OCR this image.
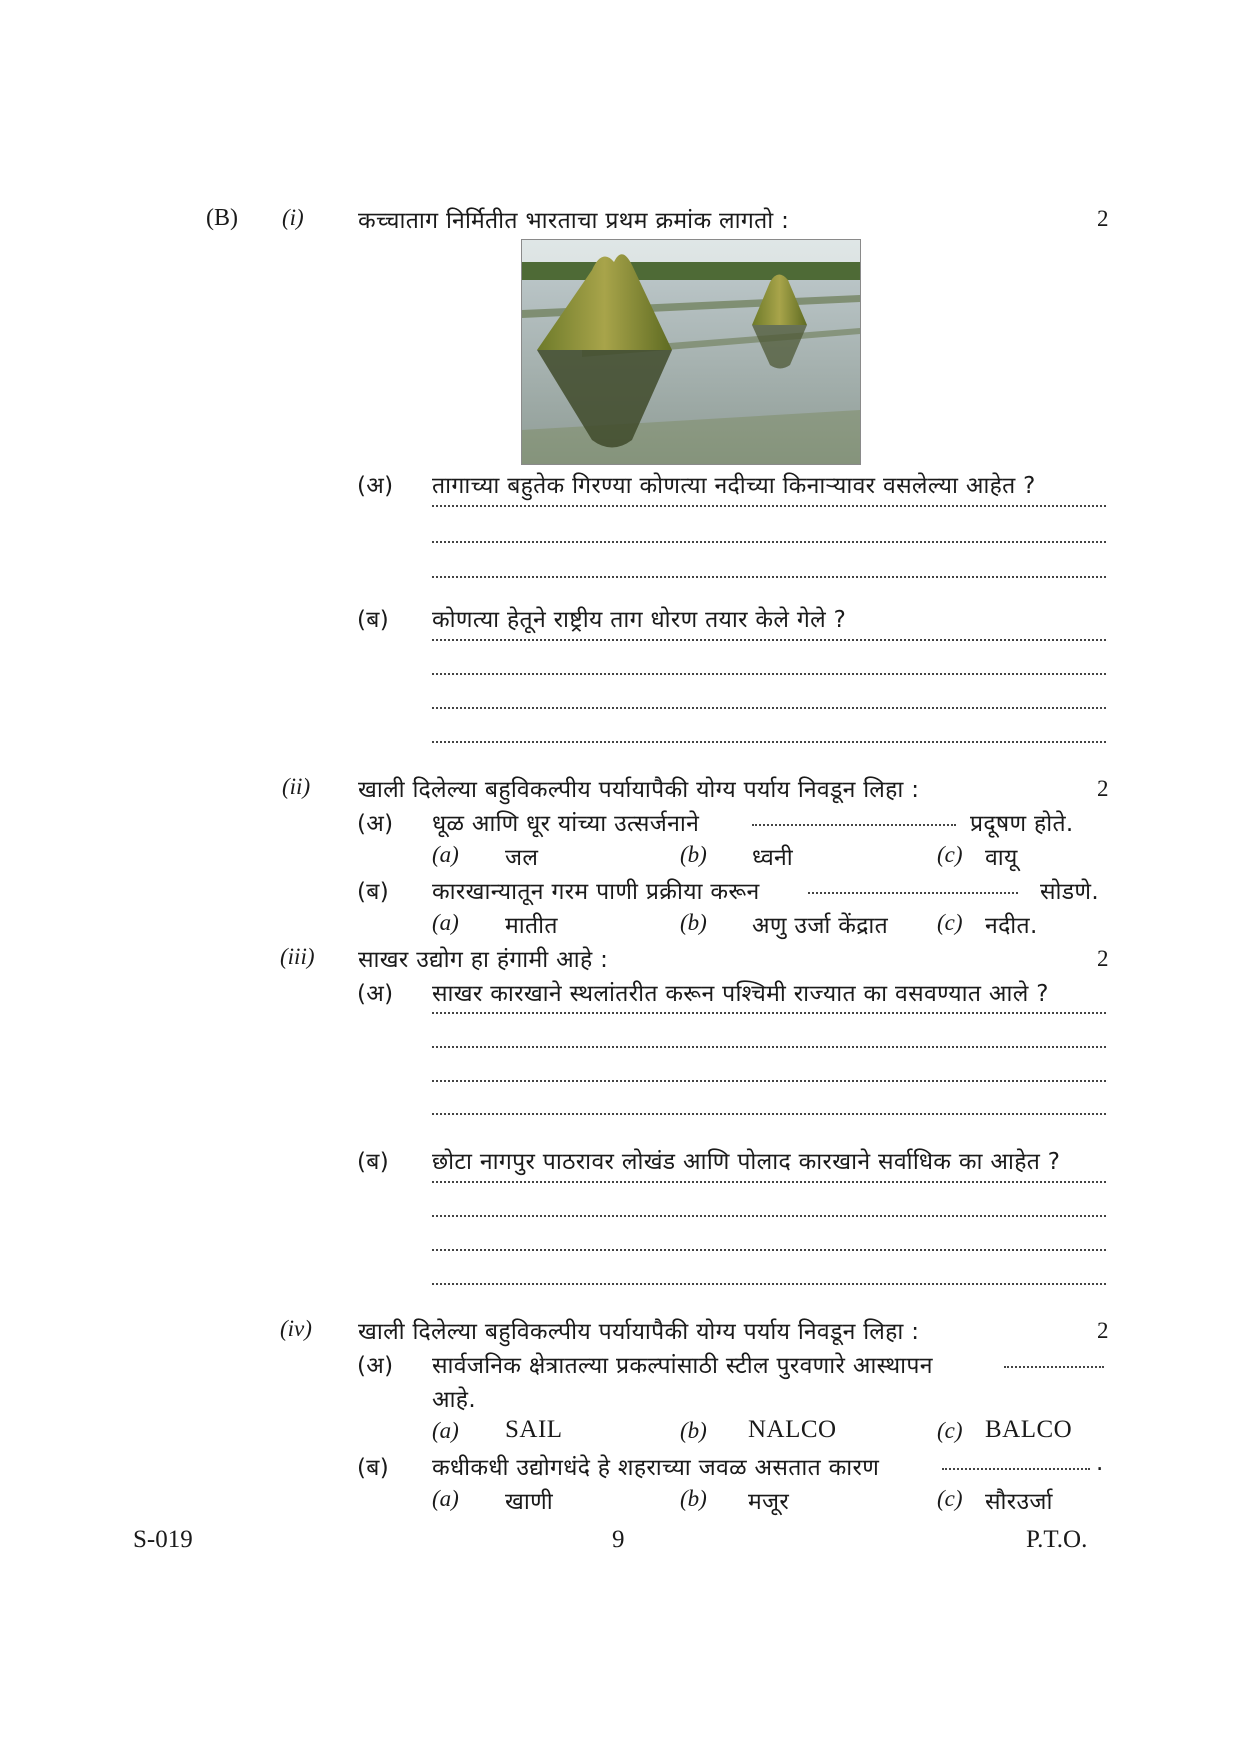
(B) (i) कच्चाताग निर्मितीत भारताचा प्रथम क्रमांक लागतो :	2
(अ) तागाच्या बहुतेक गिरण्या कोणत्या नदीच्या किनाऱ्यावर वसलेल्या आहेत ?
(ब) कोणत्या हेतूने राष्ट्रीय ताग धोरण तयार केले गेले ?
(ii) खाली दिलेल्या बहुविकल्पीय पर्यायापैकी योग्य पर्याय निवडून लिहा :	2
(अ) धूळ आणि धूर यांच्या उत्सर्जनाने	प्रदूषण होते.
(a) जल	(b) ध्वनी	(c) वायू
(ब) कारखान्यातून गरम पाणी प्रक्रीया करून	सोडणे.
(a) मातीत	(b) अणु उर्जा केंद्रात (c) नदीत.
(iii) साखर उद्योग हा हंगामी आहे :	2
(अ) साखर कारखाने स्थलांतरीत करून पश्चिमी राज्यात का वसवण्यात आले ?
(ब) छोटा नागपुर पाठरावर लोखंड आणि पोलाद कारखाने सर्वाधिक का आहेत ?
(iv) खाली दिलेल्या बहुविकल्पीय पर्यायापैकी योग्य पर्याय निवडून लिहा :	2
(अ) सार्वजनिक क्षेत्रातल्या प्रकल्पांसाठी स्टील पुरवणारे आस्थापन
आहे.
(a) SAIL	(b) NALCO	(c) BALCO
(ब) कधीकधी उद्योगधंदे हे शहराच्या जवळ असतात कारण	.
(a) खाणी	(b) मजूर	(c) सौरउर्जा
S-019	9	P.T.O.
